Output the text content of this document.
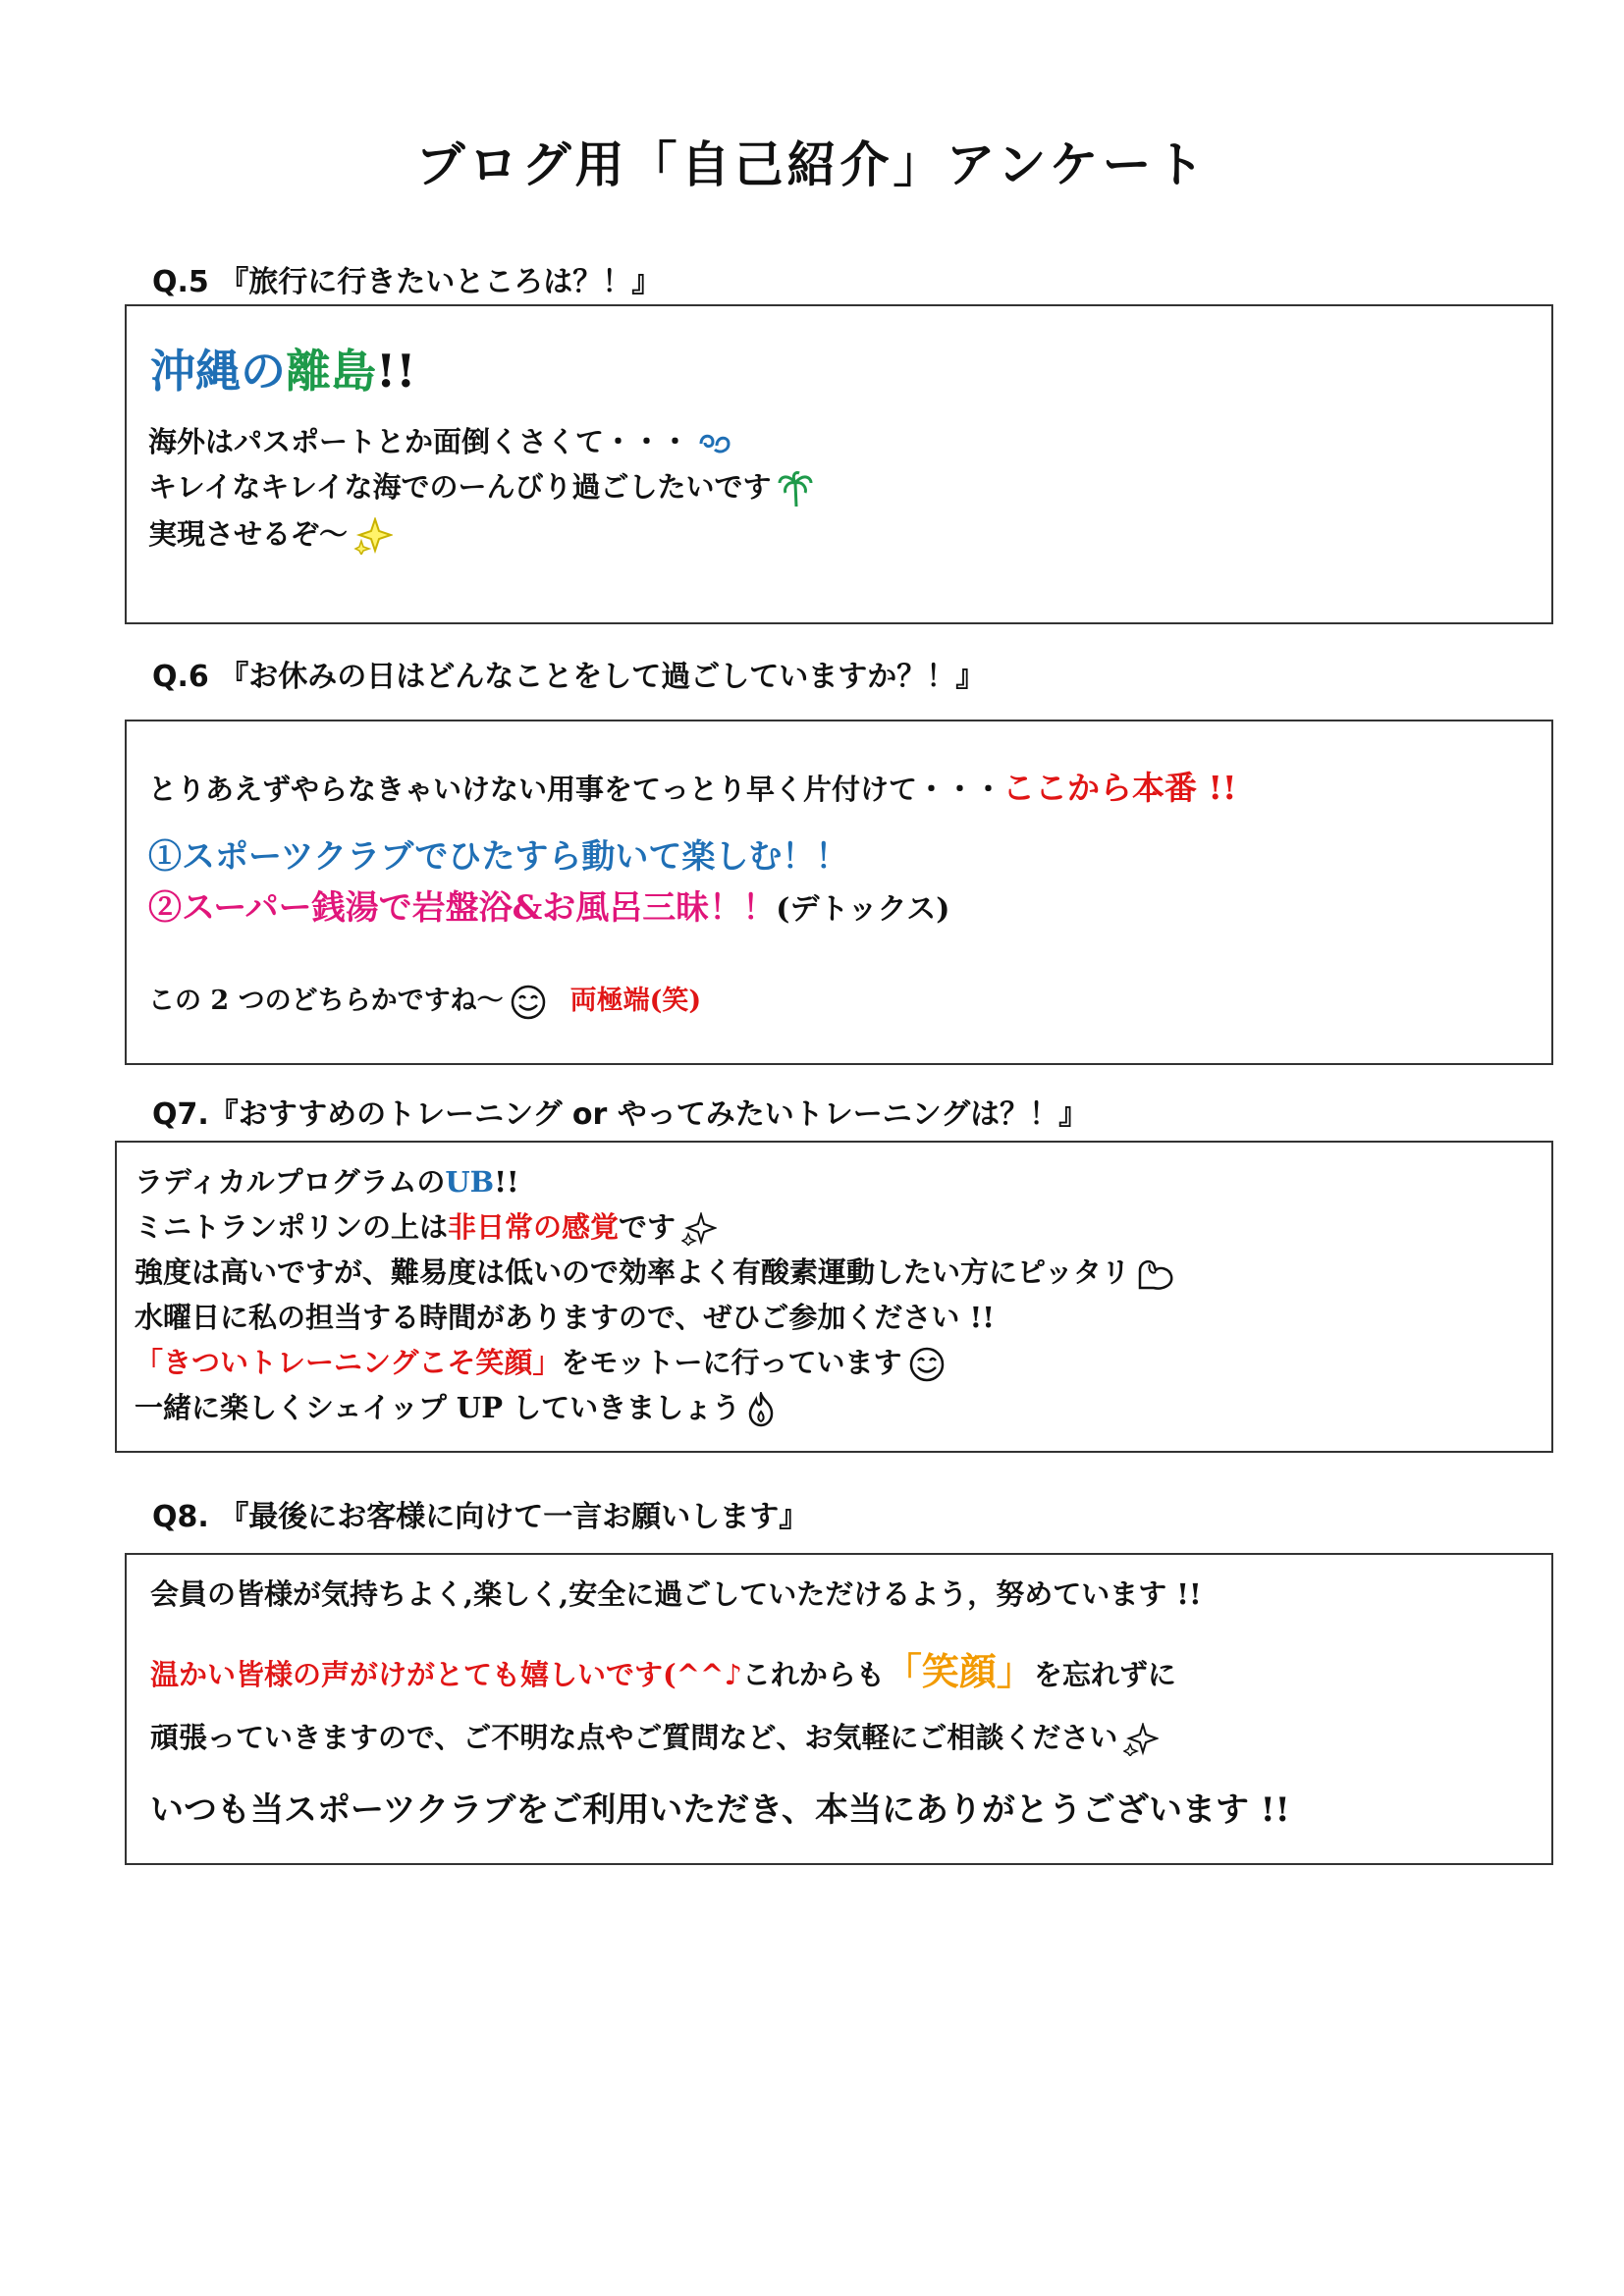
ブログ用「自己紹介」アンケート
Q.5 『旅行に行きたいところは？！』
沖縄の離島!!
海外はパスポートとか面倒くさくて・・・
キレイなキレイな海でのーんびり過ごしたいです
実現させるぞ～
Q.6 『お休みの日はどんなことをして過ごしていますか？！』
とりあえずやらなきゃいけない用事をてっとり早く片付けて・・・ここから本番 !!
①スポーツクラブでひたすら動いて楽しむ！！
②スーパー銭湯で岩盤浴&お風呂三昧！！(デトックス)
この 2 つのどちらかですね～	両極端(笑)
Q7.『おすすめのトレーニング or やってみたいトレーニングは？！』
ラディカルプログラムのUB!!
ミニトランポリンの上は非日常の感覚です
強度は高いですが、難易度は低いので効率よく有酸素運動したい方にピッタリ
水曜日に私の担当する時間がありますので、ぜひご参加ください !!
「きついトレーニングこそ笑顔」をモットーに行っています
一緒に楽しくシェイップ UP していきましょう
Q8. 『最後にお客様に向けて一言お願いします』
会員の皆様が気持ちよく,楽しく,安全に過ごしていただけるよう，努めています !!
温かい皆様の声がけがとても嬉しいです(^^♪これからも「笑顔」を忘れずに
頑張っていきますので、ご不明な点やご質問など、お気軽にご相談ください
いつも当スポーツクラブをご利用いただき、本当にありがとうございます !!
